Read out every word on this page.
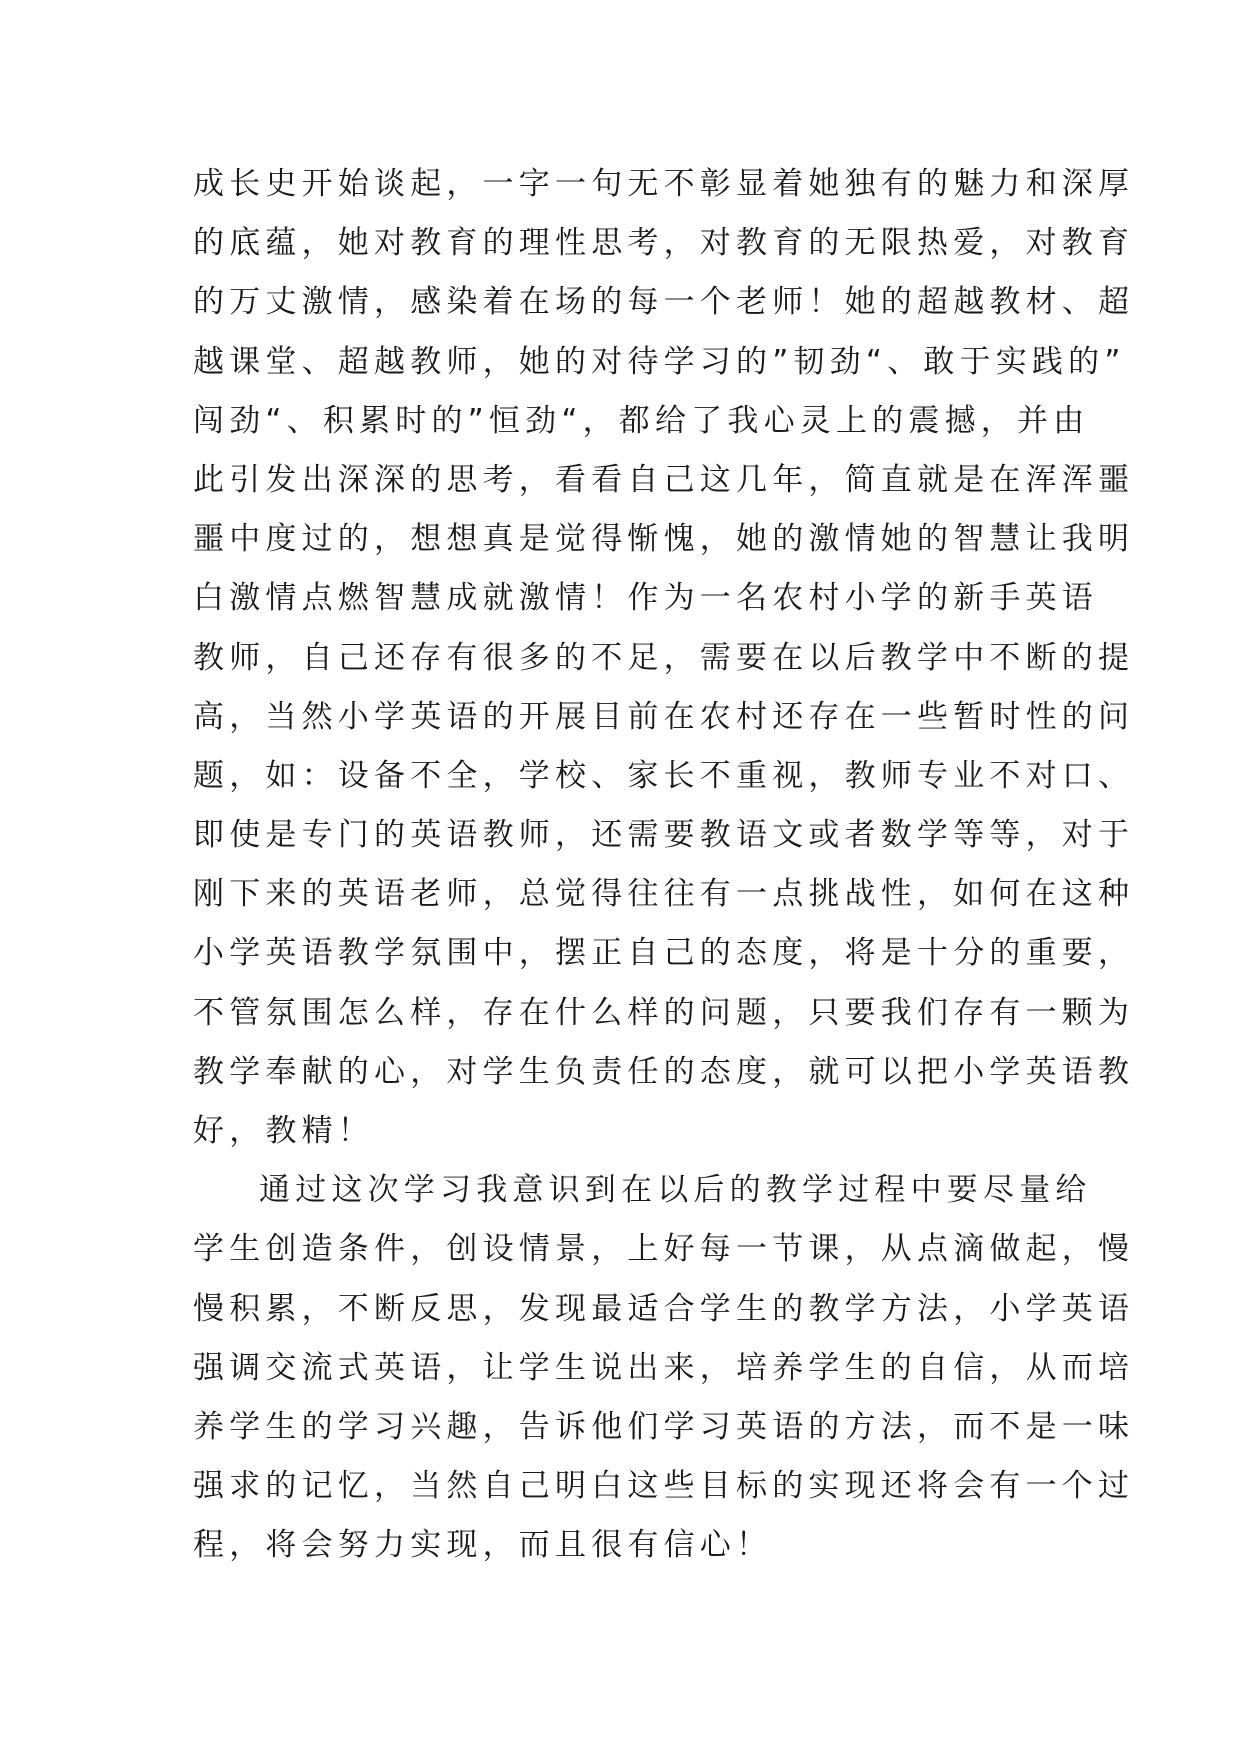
成长史开始谈起，一字一句无不彰显着她独有的魅力和深厚
的底蕴，她对教育的理性思考，对教育的无限热爱，对教育
的万丈激情，感染着在场的每一个老师！她的超越教材、超
越课堂、超越教师，她的对待学习的”韧劲“、敢于实践的”
闯劲“、积累时的”恒劲“，都给了我心灵上的震撼，并由
此引发出深深的思考，看看自己这几年，简直就是在浑浑噩
噩中度过的，想想真是觉得惭愧，她的激情她的智慧让我明
白激情点燃智慧成就激情！作为一名农村小学的新手英语
教师，自己还存有很多的不足，需要在以后教学中不断的提
高，当然小学英语的开展目前在农村还存在一些暂时性的问
题，如：设备不全，学校、家长不重视，教师专业不对口、
即使是专门的英语教师，还需要教语文或者数学等等，对于
刚下来的英语老师，总觉得往往有一点挑战性，如何在这种
小学英语教学氛围中，摆正自己的态度，将是十分的重要，
不管氛围怎么样，存在什么样的问题，只要我们存有一颗为
教学奉献的心，对学生负责任的态度，就可以把小学英语教
好，教精！
通过这次学习我意识到在以后的教学过程中要尽量给
学生创造条件，创设情景，上好每一节课，从点滴做起，慢
慢积累，不断反思，发现最适合学生的教学方法，小学英语
强调交流式英语，让学生说出来，培养学生的自信，从而培
养学生的学习兴趣，告诉他们学习英语的方法，而不是一味
强求的记忆，当然自己明白这些目标的实现还将会有一个过
程，将会努力实现，而且很有信心！
